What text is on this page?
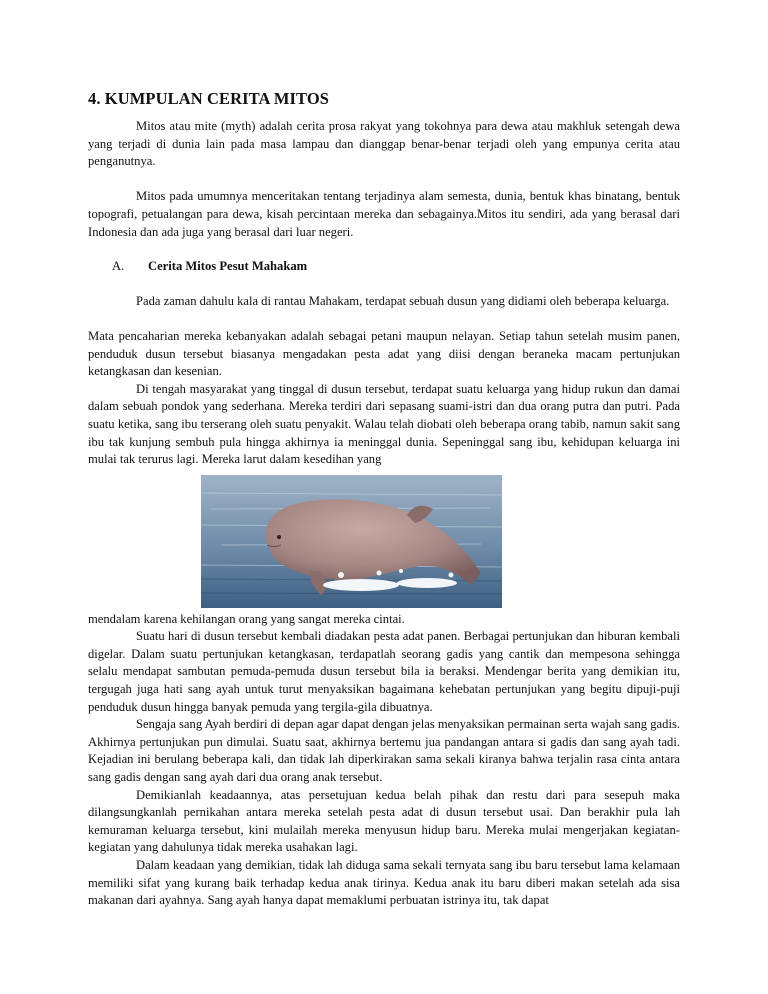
4. KUMPULAN CERITA MITOS

Mitos atau mite (myth) adalah cerita prosa rakyat yang tokohnya para dewa atau makhluk setengah dewa yang terjadi di dunia lain pada masa lampau dan dianggap benar-benar terjadi oleh yang empunya cerita atau penganutnya.

Mitos pada umumnya menceritakan tentang terjadinya alam semesta, dunia, bentuk khas binatang, bentuk topografi, petualangan para dewa, kisah percintaan mereka dan sebagainya.Mitos itu sendiri, ada yang berasal dari Indonesia dan ada juga yang berasal dari luar negeri.

A.	Cerita Mitos Pesut Mahakam

Pada zaman dahulu kala di rantau Mahakam, terdapat sebuah dusun yang didiami oleh beberapa keluarga.

Mata pencaharian mereka kebanyakan adalah sebagai petani maupun nelayan. Setiap tahun setelah musim panen, penduduk dusun tersebut biasanya mengadakan pesta adat yang diisi dengan beraneka macam pertunjukan ketangkasan dan kesenian.

Di tengah masyarakat yang tinggal di dusun tersebut, terdapat suatu keluarga yang hidup rukun dan damai dalam sebuah pondok yang sederhana. Mereka terdiri dari sepasang suami-istri dan dua orang putra dan putri. Pada suatu ketika, sang ibu terserang oleh suatu penyakit. Walau telah diobati oleh beberapa orang tabib, namun sakit sang ibu tak kunjung sembuh pula hingga akhirnya ia meninggal dunia. Sepeninggal sang ibu, kehidupan keluarga ini mulai tak terurus lagi. Mereka larut dalam kesedihan yang

mendalam karena kehilangan orang yang sangat mereka cintai.

Suatu hari di dusun tersebut kembali diadakan pesta adat panen. Berbagai pertunjukan dan hiburan kembali digelar. Dalam suatu pertunjukan ketangkasan, terdapatlah seorang gadis yang cantik dan mempesona sehingga selalu mendapat sambutan pemuda-pemuda dusun tersebut bila ia beraksi. Mendengar berita yang demikian itu, tergugah juga hati sang ayah untuk turut menyaksikan bagaimana kehebatan pertunjukan yang begitu dipuji-puji penduduk dusun hingga banyak pemuda yang tergila-gila dibuatnya.

Sengaja sang Ayah berdiri di depan agar dapat dengan jelas menyaksikan permainan serta wajah sang gadis. Akhirnya pertunjukan pun dimulai. Suatu saat, akhirnya bertemu jua pandangan antara si gadis dan sang ayah tadi. Kejadian ini berulang beberapa kali, dan tidak lah diperkirakan sama sekali kiranya bahwa terjalin rasa cinta antara sang gadis dengan sang ayah dari dua orang anak tersebut.

Demikianlah keadaannya, atas persetujuan kedua belah pihak dan restu dari para sesepuh maka dilangsungkanlah pernikahan antara mereka setelah pesta adat di dusun tersebut usai. Dan berakhir pula lah kemuraman keluarga tersebut, kini mulailah mereka menyusun hidup baru. Mereka mulai mengerjakan kegiatan-kegiatan yang dahulunya tidak mereka usahakan lagi.

Dalam keadaan yang demikian, tidak lah diduga sama sekali ternyata sang ibu baru tersebut lama kelamaan memiliki sifat yang kurang baik terhadap kedua anak tirinya. Kedua anak itu baru diberi makan setelah ada sisa makanan dari ayahnya. Sang ayah hanya dapat memaklumi perbuatan istrinya itu, tak dapat
